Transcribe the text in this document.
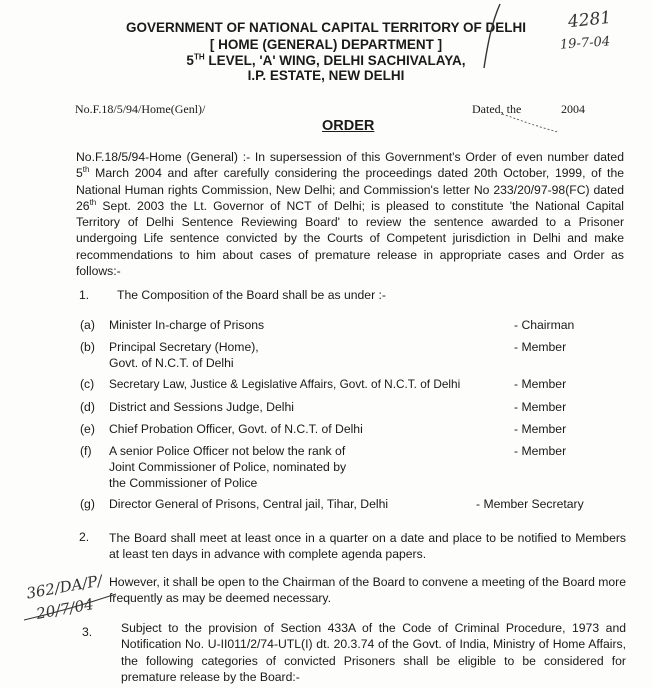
GOVERNMENT OF NATIONAL CAPITAL TERRITORY OF DELHI
[ HOME (GENERAL) DEPARTMENT ]
5TH LEVEL, 'A' WING, DELHI SACHIVALAYA,
I.P. ESTATE, NEW DELHI
4281
19-7-04
No.F.18/5/94/Home(Genl)/	Dated, the	2004
ORDER
No.F.18/5/94-Home (General) :- In supersession of this Government's Order of even number dated 5th March 2004 and after carefully considering the proceedings dated 20th October, 1999, of the National Human rights Commission, New Delhi; and Commission's letter No 233/20/97-98(FC) dated 26th Sept. 2003 the Lt. Governor of NCT of Delhi; is pleased to constitute 'the National Capital Territory of Delhi Sentence Reviewing Board' to review the sentence awarded to a Prisoner undergoing Life sentence convicted by the Courts of Competent jurisdiction in Delhi and make recommendations to him about cases of premature release in appropriate cases and Order as follows:-
1. The Composition of the Board shall be as under :-
(a) Minister In-charge of Prisons	- Chairman
(b) Principal Secretary (Home),
Govt. of N.C.T. of Delhi
- Member
(c) Secretary Law, Justice & Legislative Affairs, Govt. of N.C.T. of Delhi	- Member
(d) District and Sessions Judge, Delhi	- Member
(e) Chief Probation Officer, Govt. of N.C.T. of Delhi	- Member
(f) A senior Police Officer not below the rank of
Joint Commissioner of Police, nominated by
the Commissioner of Police
- Member
(g) Director General of Prisons, Central jail, Tihar, Delhi	- Member Secretary
2. The Board shall meet at least once in a quarter on a date and place to be notified to Members at least ten days in advance with complete agenda papers.
However, it shall be open to the Chairman of the Board to convene a meeting of the Board more frequently as may be deemed necessary.
362/DA/P/
20/7/04
3. Subject to the provision of Section 433A of the Code of Criminal Procedure, 1973 and Notification No. U-II011/2/74-UTL(I) dt. 20.3.74 of the Govt. of India, Ministry of Home Affairs, the following categories of convicted Prisoners shall be eligible to be considered for premature release by the Board:-
